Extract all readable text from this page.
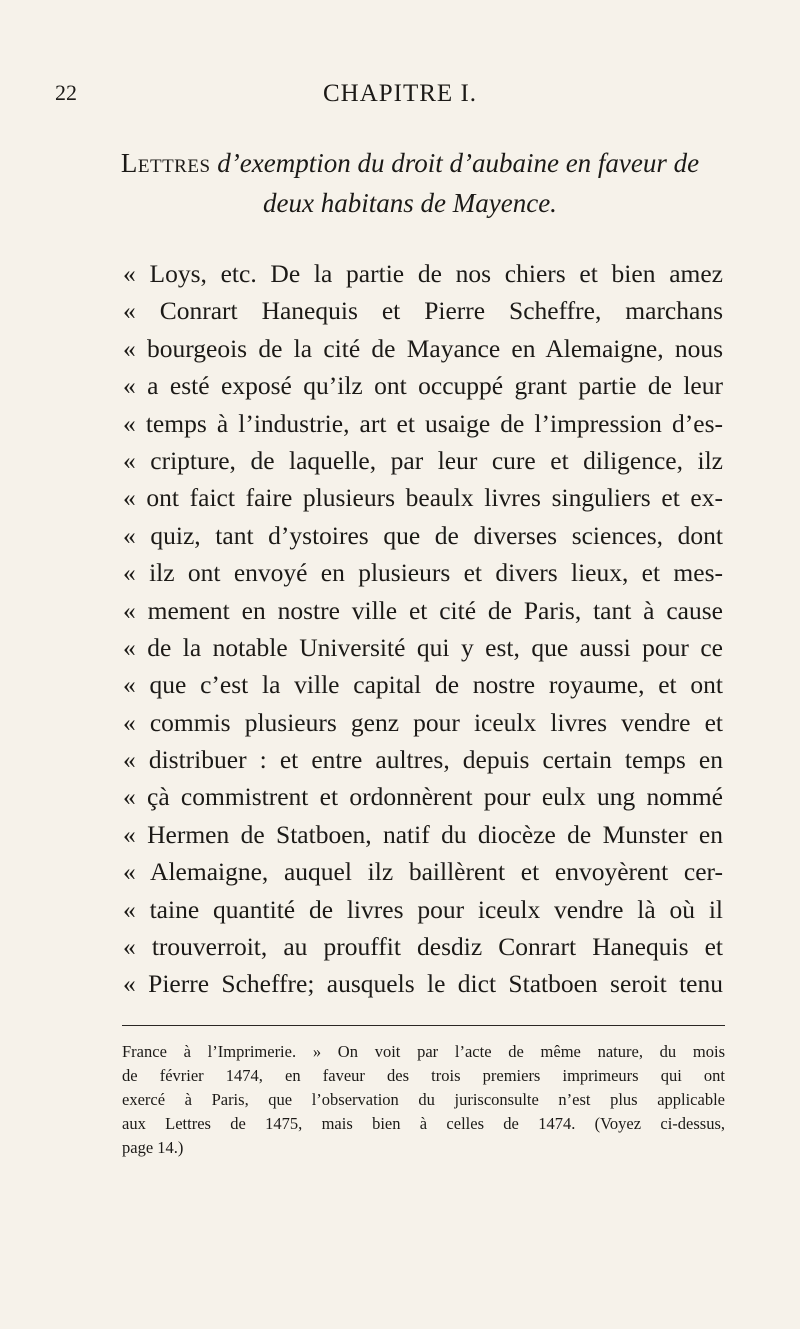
22	CHAPITRE I.
Lettres d’exemption du droit d’aubaine en faveur de
deux habitans de Mayence.
« Loys, etc. De la partie de nos chiers et bien amez
« Conrart Hanequis et Pierre Scheffre, marchans
« bourgeois de la cité de Mayance en Alemaigne, nous
« a esté exposé qu’ilz ont occuppé grant partie de leur
« temps à l’industrie, art et usaige de l’impression d’es-
« cripture, de laquelle, par leur cure et diligence, ilz
« ont faict faire plusieurs beaulx livres singuliers et ex-
« quiz, tant d’ystoires que de diverses sciences, dont
« ilz ont envoyé en plusieurs et divers lieux, et mes-
« mement en nostre ville et cité de Paris, tant à cause
« de la notable Université qui y est, que aussi pour ce
« que c’est la ville capital de nostre royaume, et ont
« commis plusieurs genz pour iceulx livres vendre et
« distribuer : et entre aultres, depuis certain temps en
« çà commistrent et ordonnèrent pour eulx ung nommé
« Hermen de Statboen, natif du diocèze de Munster en
« Alemaigne, auquel ilz baillèrent et envoyèrent cer-
« taine quantité de livres pour iceulx vendre là où il
« trouverroit, au prouffit desdiz Conrart Hanequis et
« Pierre Scheffre; ausquels le dict Statboen seroit tenu
France à l’Imprimerie. » On voit par l’acte de même nature, du mois
de février 1474, en faveur des trois premiers imprimeurs qui ont
exercé à Paris, que l’observation du jurisconsulte n’est plus applicable
aux Lettres de 1475, mais bien à celles de 1474. (Voyez ci-dessus,
page 14.)
